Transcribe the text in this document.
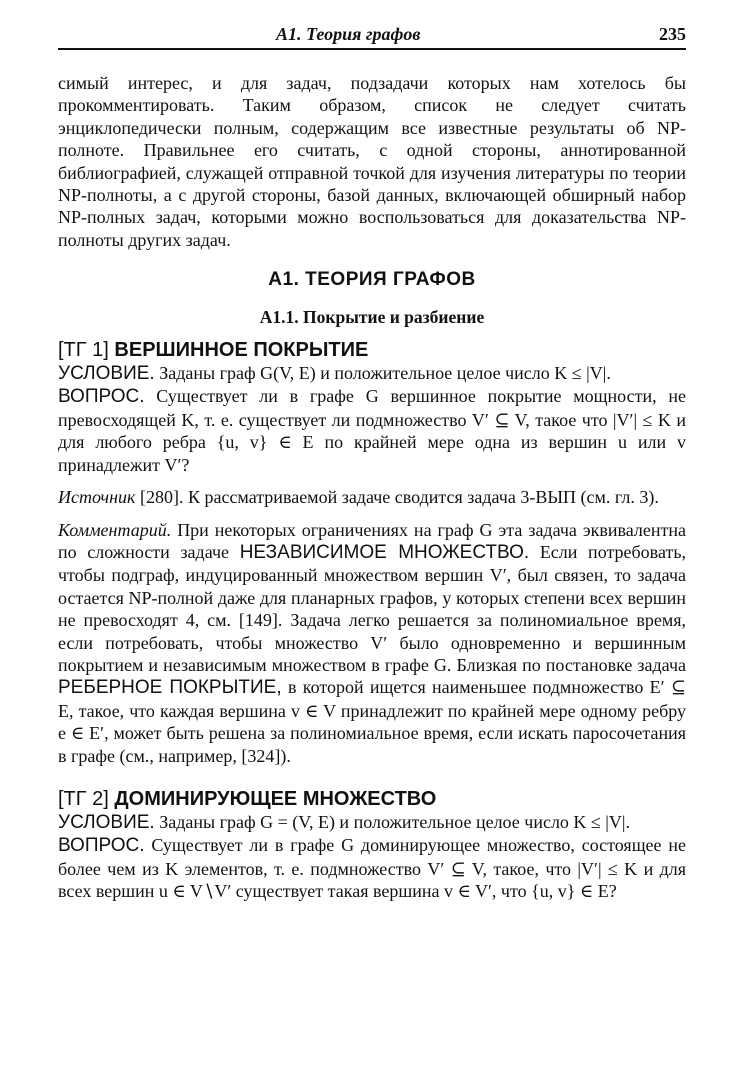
A1. Теория графов	235

симый интерес, и для задач, подзадачи которых нам хотелось бы прокомментировать. Таким образом, список не следует считать энциклопедически полным, содержащим все известные результаты об NP-полноте. Правильнее его считать, с одной стороны, аннотированной библиографией, служащей отправной точкой для изучения литературы по теории NP-полноты, а с другой стороны, базой данных, включающей обширный набор NP-полных задач, которыми можно воспользоваться для доказательства NP-полноты других задач.

A1. ТЕОРИЯ ГРАФОВ
A1.1. Покрытие и разбиение
[ТГ 1] ВЕРШИННОЕ ПОКРЫТИЕ

УСЛОВИЕ. Заданы граф G(V, E) и положительное целое число K ≤ |V|.

ВОПРОС. Существует ли в графе G вершинное покрытие мощности, не превосходящей K, т. е. существует ли подмножество V′ ⊆ V, такое что |V′| ≤ K и для любого ребра {u, v} ∈ E по крайней мере одна из вершин u или v принадлежит V′?

Источник [280]. К рассматриваемой задаче сводится задача 3-ВЫП (см. гл. 3).

Комментарий. При некоторых ограничениях на граф G эта задача эквивалентна по сложности задаче НЕЗАВИСИМОЕ МНОЖЕСТВО. Если потребовать, чтобы подграф, индуцированный множеством вершин V′, был связен, то задача остается NP-полной даже для планарных графов, у которых степени всех вершин не превосходят 4, см. [149]. Задача легко решается за полиномиальное время, если потребовать, чтобы множество V′ было одновременно и вершинным покрытием и независимым множеством в графе G. Близкая по постановке задача РЕБЕРНОЕ ПОКРЫТИЕ, в которой ищется наименьшее подмножество E′ ⊆ E, такое, что каждая вершина v ∈ V принадлежит по крайней мере одному ребру e ∈ E′, может быть решена за полиномиальное время, если искать паросочетания в графе (см., например, [324]).

[ТГ 2] ДОМИНИРУЮЩЕЕ МНОЖЕСТВО

УСЛОВИЕ. Заданы граф G = (V, E) и положительное целое число K ≤ |V|.

ВОПРОС. Существует ли в графе G доминирующее множество, состоящее не более чем из K элементов, т. е. подмножество V′ ⊆ V, такое, что |V′| ≤ K и для всех вершин u ∈ V∖V′ существует такая вершина v ∈ V′, что {u, v} ∈ E?
